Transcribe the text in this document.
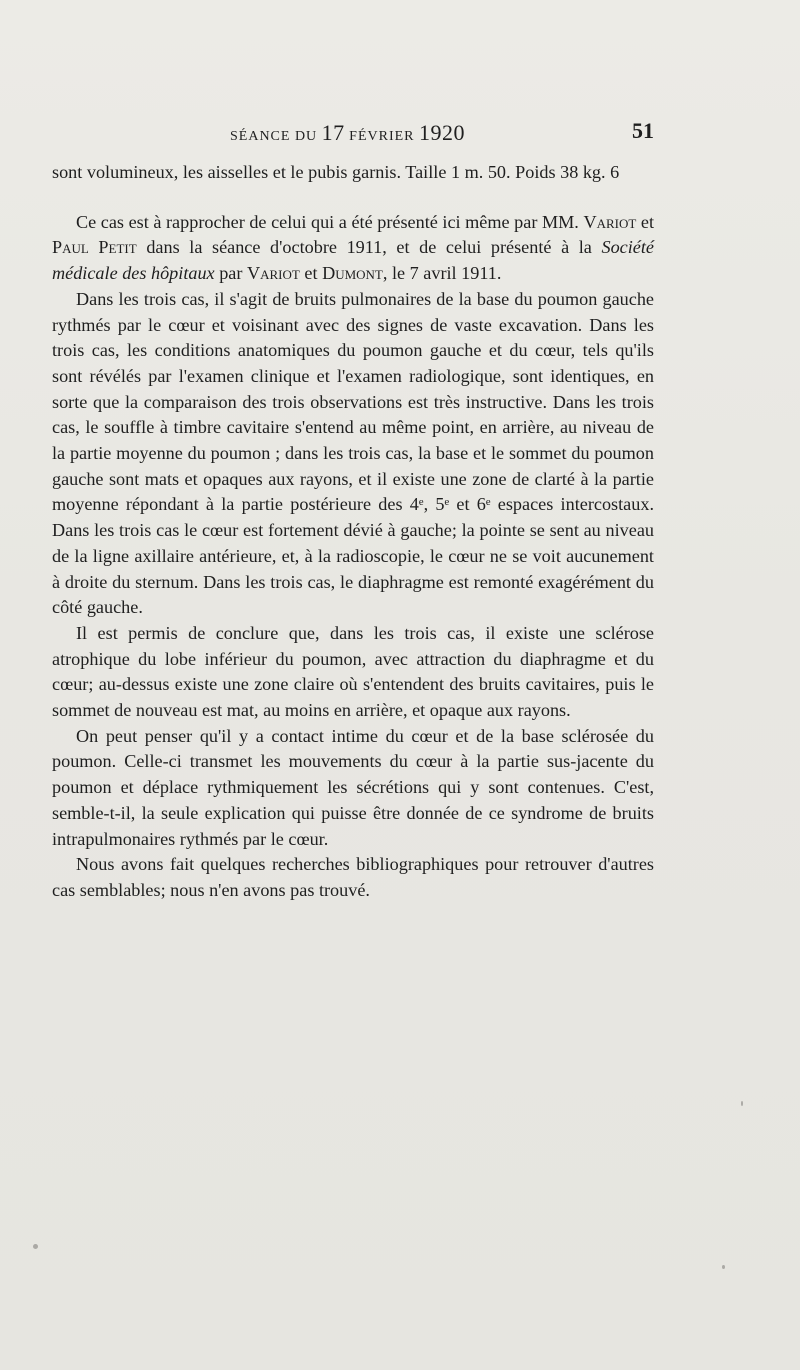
SÉANCE DU 17 FÉVRIER 1920	51

sont volumineux, les aisselles et le pubis garnis. Taille 1 m. 50. Poids 38 kg. 6

Ce cas est à rapprocher de celui qui a été présenté ici même par MM. Variot et Paul Petit dans la séance d'octobre 1911, et de celui présenté à la Société médicale des hôpitaux par Variot et Dumont, le 7 avril 1911.

Dans les trois cas, il s'agit de bruits pulmonaires de la base du poumon gauche rythmés par le cœur et voisinant avec des signes de vaste excavation. Dans les trois cas, les conditions anatomiques du poumon gauche et du cœur, tels qu'ils sont révélés par l'examen clinique et l'examen radiologique, sont identiques, en sorte que la comparaison des trois observations est très instructive. Dans les trois cas, le souffle à timbre cavitaire s'entend au même point, en arrière, au niveau de la partie moyenne du poumon ; dans les trois cas, la base et le sommet du poumon gauche sont mats et opaques aux rayons, et il existe une zone de clarté à la partie moyenne répondant à la partie postérieure des 4ᵉ, 5ᵉ et 6ᵉ espaces intercostaux. Dans les trois cas le cœur est fortement dévié à gauche; la pointe se sent au niveau de la ligne axillaire antérieure, et, à la radioscopie, le cœur ne se voit aucunement à droite du sternum. Dans les trois cas, le diaphragme est remonté exagérément du côté gauche.

Il est permis de conclure que, dans les trois cas, il existe une sclérose atrophique du lobe inférieur du poumon, avec attraction du diaphragme et du cœur; au-dessus existe une zone claire où s'entendent des bruits cavitaires, puis le sommet de nouveau est mat, au moins en arrière, et opaque aux rayons.

On peut penser qu'il y a contact intime du cœur et de la base sclérosée du poumon. Celle-ci transmet les mouvements du cœur à la partie sus-jacente du poumon et déplace rythmiquement les sécrétions qui y sont contenues. C'est, semble-t-il, la seule explication qui puisse être donnée de ce syndrome de bruits intrapulmonaires rythmés par le cœur.

Nous avons fait quelques recherches bibliographiques pour retrouver d'autres cas semblables; nous n'en avons pas trouvé.
